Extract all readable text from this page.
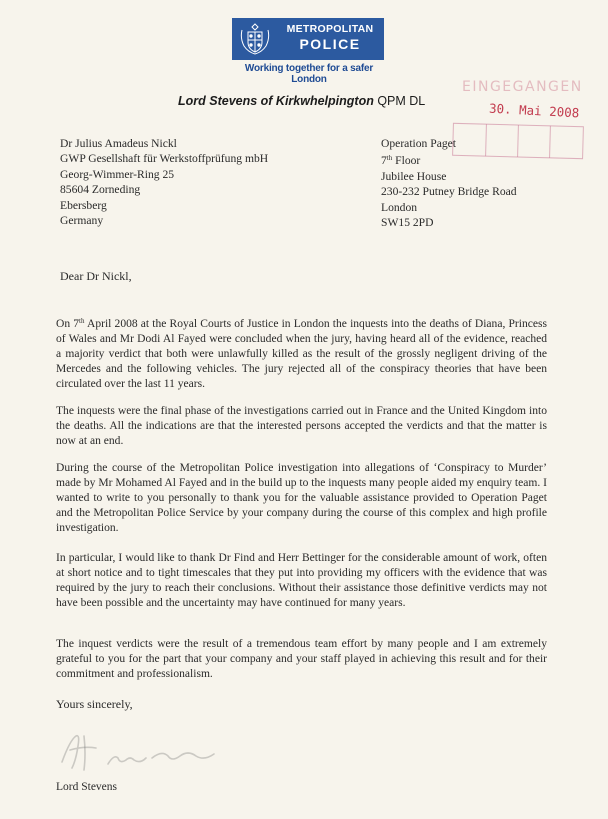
METROPOLITAN
POLICE
Working together for a safer London	EINGEGANGEN
30. Mai 2008
Lord Stevens of Kirkwhelpington QPM DL
Dr Julius Amadeus Nickl
GWP Gesellshaft für Werkstoffprüfung mbH
Georg-Wimmer-Ring 25
85604 Zorneding
Ebersberg
Germany
Operation Paget
7th Floor
Jubilee House
230-232 Putney Bridge Road
London
SW15 2PD
Dear Dr Nickl,

On 7th April 2008 at the Royal Courts of Justice in London the inquests into the deaths of Diana, Princess of Wales and Mr Dodi Al Fayed were concluded when the jury, having heard all of the evidence, reached a majority verdict that both were unlawfully killed as the result of the grossly negligent driving of the Mercedes and the following vehicles. The jury rejected all of the conspiracy theories that have been circulated over the last 11 years.

The inquests were the final phase of the investigations carried out in France and the United Kingdom into the deaths. All the indications are that the interested persons accepted the verdicts and that the matter is now at an end.

During the course of the Metropolitan Police investigation into allegations of ‘Conspiracy to Murder’ made by Mr Mohamed Al Fayed and in the build up to the inquests many people aided my enquiry team. I wanted to write to you personally to thank you for the valuable assistance provided to Operation Paget and the Metropolitan Police Service by your company during the course of this complex and high profile investigation.

In particular, I would like to thank Dr Find and Herr Bettinger for the considerable amount of work, often at short notice and to tight timescales that they put into providing my officers with the evidence that was required by the jury to reach their conclusions. Without their assistance those definitive verdicts may not have been possible and the uncertainty may have continued for many years.

The inquest verdicts were the result of a tremendous team effort by many people and I am extremely grateful to you for the part that your company and your staff played in achieving this result and for their commitment and professionalism.

Yours sincerely,
Lord Stevens
